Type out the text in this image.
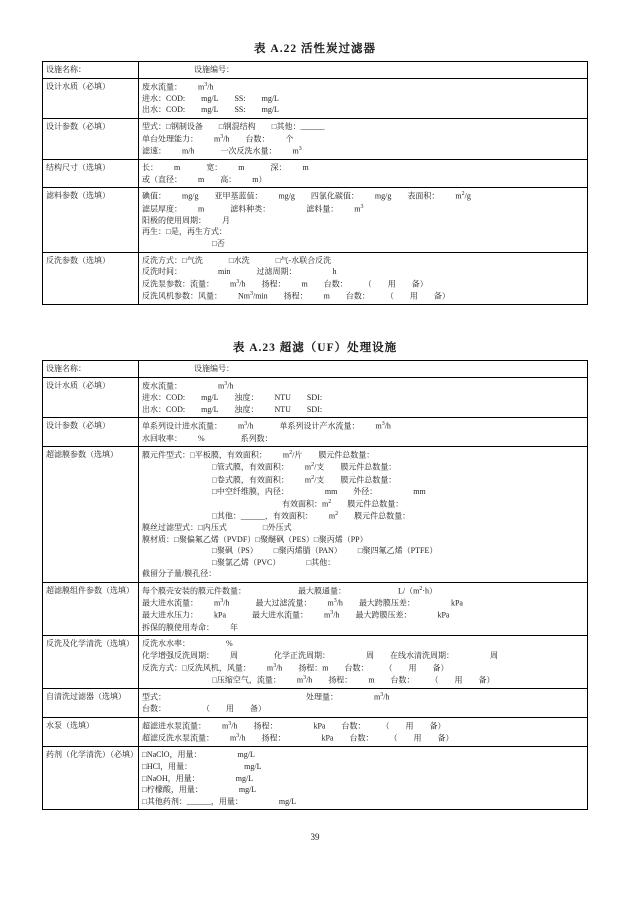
表 A.22 活性炭过滤器
设施名称：	设施编号：
设计水质（必填）	废水流量： $m^3/h$
进水：COD: mg/L SS: mg/L
出水：COD: mg/L SS: mg/L

设计参数（必填）	型式：□钢制设备 □钢混结构 □其他：______
单台处理能力： $m^3/h$ 台数： 个
滤速： m/h 一次反洗水量： $m^3$

结构尺寸（选填）	长： m 宽： m 深： m
或（直径： m 高： m）

滤料参数（选填）	碘值： mg/g 亚甲基蓝值： mg/g 四氯化碳值： mg/g 表面积： $m^2/g$
滤层厚度： m 滤料种类： 滤料量： $m^3$
阳极的使用周期： 月
再生：□是，再生方式：
□否

反洗参数（选填）	反洗方式：□气洗 □水洗 □气-水联合反洗
反洗时间： min 过滤周期： h
反洗泵参数：流量： $m^3/h$ 扬程： m 台数： （ 用 备）
反洗风机参数：风量： Nm$^3$/min 扬程： m 台数： （ 用 备）
表 A.23 超滤（UF）处理设施
设施名称：	设施编号：
设计水质（必填）	废水流量： $m^3/h$
进水：COD: mg/L 浊度： NTU SDI:
出水：COD: mg/L 浊度： NTU SDI:

设计参数（必填）	单系列设计进水流量： $m^3/h$ 单系列设计产水流量： $m^3/h$
水回收率： % 系列数：

超滤膜参数（选填）	膜元件型式：□平板膜，有效面积： $m^2/$片 膜元件总数量：
□管式膜，有效面积： $m^2/$支 膜元件总数量：
□卷式膜，有效面积： $m^2/$支 膜元件总数量：
□中空纤维膜，内径：	mm 外径：	mm
有效面积：$m^2$ 膜元件总数量：
□其他：______，有效面积： $m^2$ 膜元件总数量：
膜丝过滤型式：□内压式	□外压式
膜材质：□聚偏氟乙烯（PVDF）□聚醚砜（PES）□聚丙烯（PP）
□聚砜（PS） □聚丙烯腈（PAN） □聚四氟乙烯（PTFE）
□聚氯乙烯（PVC）	□其他：
截留分子量/膜孔径：

超滤膜组件参数（选填）	每个膜壳安装的膜元件数量： 最大膜通量： $L/(m^2\cdot h)$
最大进水流量： $m^3/h$ 最大过滤流量： $m^3/h$ 最大跨膜压差： kPa
最大进水压力： kPa 最大进水流量： $m^3/h$ 最大跨膜压差： kPa
拆保的膜使用寿命： 年

反洗及化学清洗（选填）	反洗水水率： %
化学增强反洗周期： 周 化学正洗周期： 周 在线水清洗周期： 周
反洗方式：□反洗风机，风量： $m^3/h$ 扬程：m 台数： （ 用 备）
□压缩空气，流量： $m^3/h$ 扬程： m 台数： （ 用 备）

自清洗过滤器（选填）	型式： 处理量： $m^3/h$
台数： （ 用 备）

水泵（选填）	超滤进水泵流量： $m^3/h$ 扬程： kPa 台数： （ 用 备）
超滤反洗水泵流量： $m^3/h$ 扬程： kPa 台数： （ 用 备）

药剂（化学清洗）（必填）	□NaClO，用量： mg/L
□HCl，用量： mg/L
□NaOH，用量： mg/L
□柠檬酸，用量： mg/L
□其他药剂：______，用量： mg/L
39
